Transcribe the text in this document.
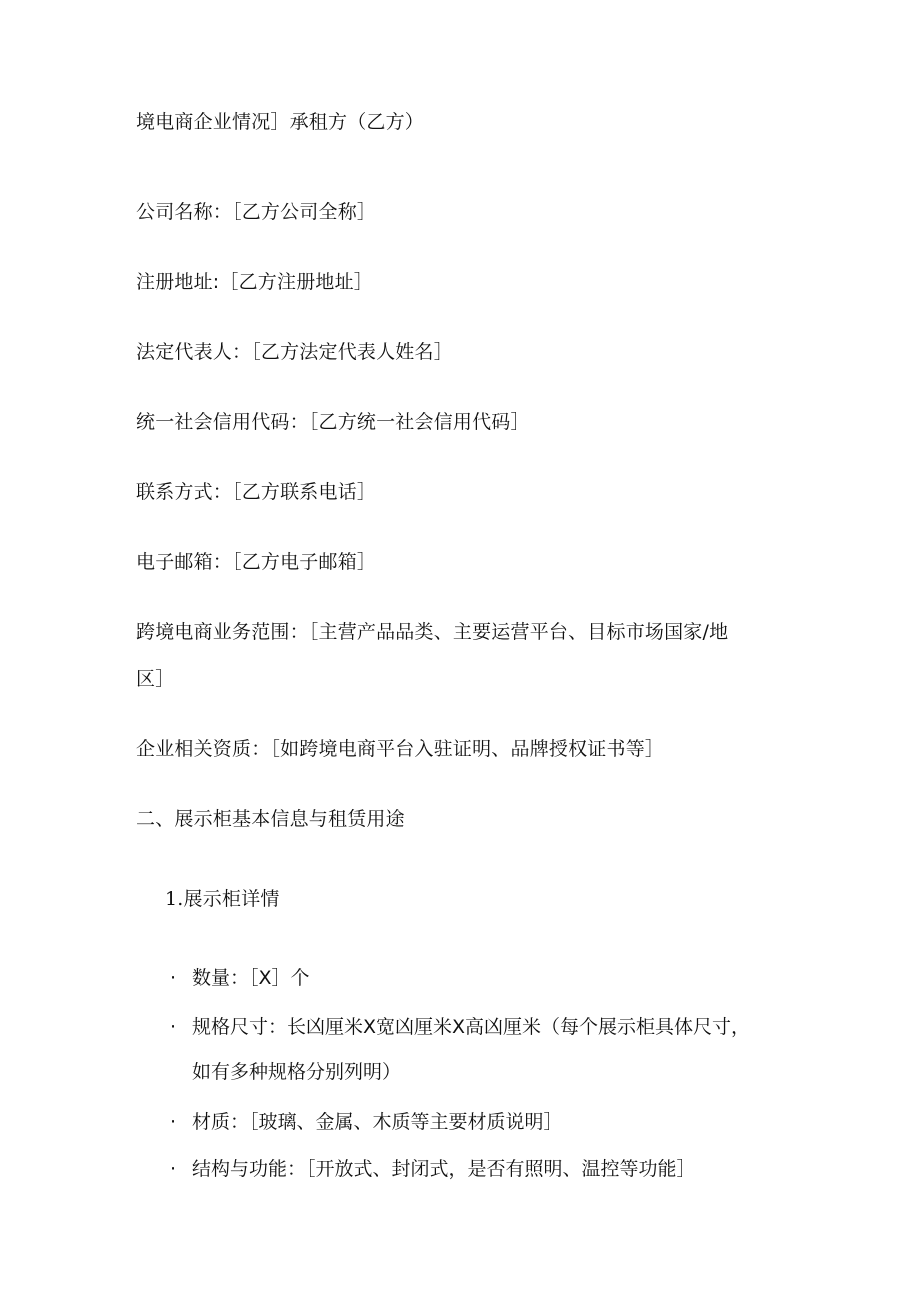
境电商企业情况］承租方（乙方）
公司名称：［乙方公司全称］
注册地址:［乙方注册地址］
法定代表人：［乙方法定代表人姓名］
统一社会信用代码：［乙方统一社会信用代码］
联系方式：［乙方联系电话］
电子邮箱：［乙方电子邮箱］
跨境电商业务范围：［主营产品品类、主要运营平台、目标市场国家/地
区］
企业相关资质：［如跨境电商平台入驻证明、品牌授权证书等］
二、展示柜基本信息与租赁用途
1.展示柜详情
· 数量：［X］个
· 规格尺寸：长凶厘米X宽凶厘米X高凶厘米（每个展示柜具体尺寸，
如有多种规格分别列明）
· 材质：［玻璃、金属、木质等主要材质说明］
· 结构与功能：［开放式、封闭式，是否有照明、温控等功能］
